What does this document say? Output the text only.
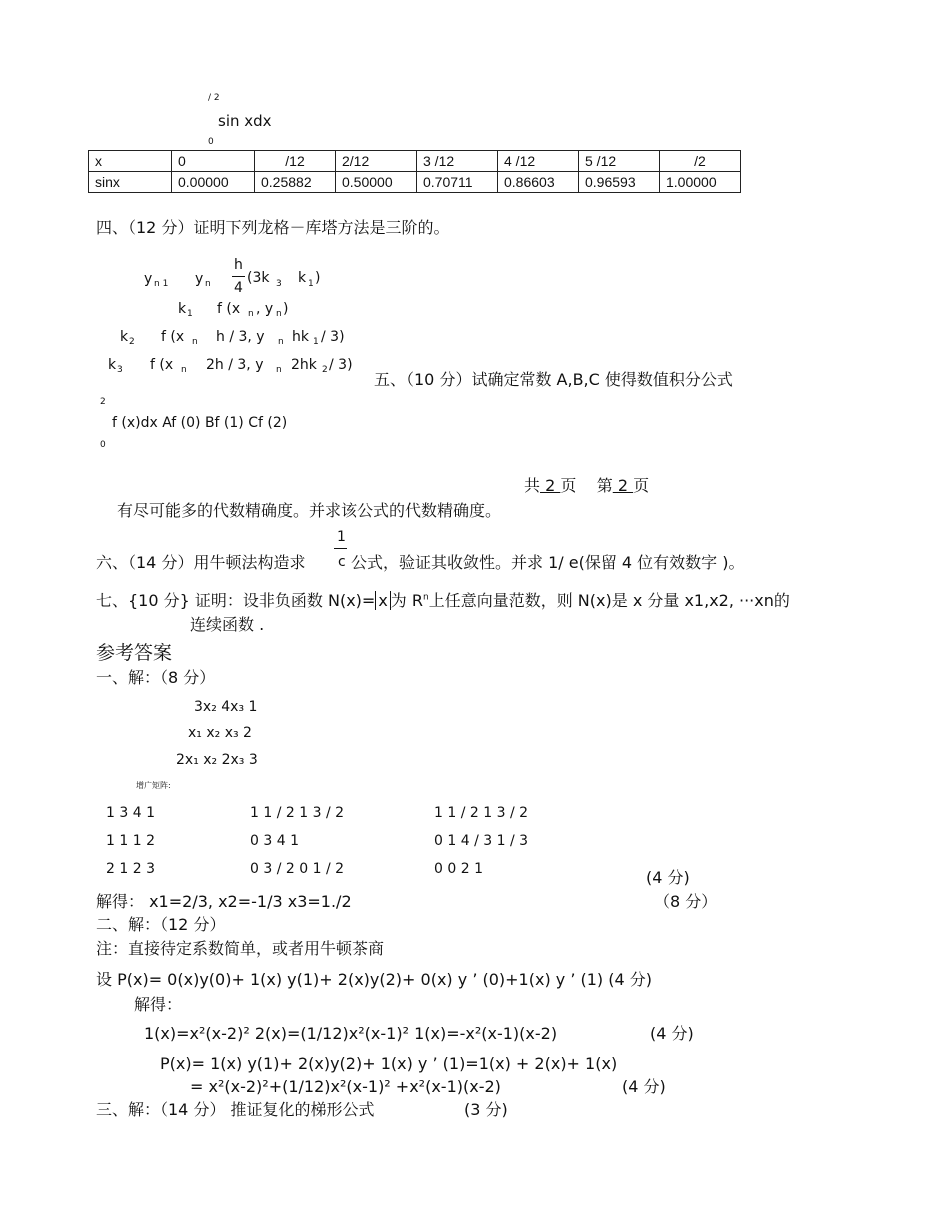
/ 2
sin xdx
0
x	0	/12	2/12	3 /12	4 /12	5 /12	/2
sinx	0.00000	0.25882	0.50000	0.70711	0.86603	0.96593	1.00000
四、（12 分）证明下列龙格－库塔方法是三阶的。
y n 1 y n
h
4
(3k 3 k 1 )
k 1 f (x n , y n )
k 2 f (x n h / 3, y n hk 1 / 3)
k 3 f (x n 2h / 3, y n 2hk 2 / 3)
五、（10 分）试确定常数 A,B,C 使得数值积分公式
2
f (x)dx Af (0) Bf (1) Cf (2)
0
共 2 页 第 2 页
有尽可能多的代数精确度。并求该公式的代数精确度。
六、（14 分）用牛顿法构造求
1
c 公式，验证其收敛性。并求 1/ e(保留 4 位有效数字 )。
七、{10 分} 证明：设非负函数 N(x)= x 为 $R^n$上任意向量范数，则 N(x)是 x 分量 x1,x2, ···xn的
连续函数 .
参考答案
一、解：（8 分）
3x₂ 4x₃ 1
x₁ x₂ x₃ 2
2x₁ x₂ 2x₃ 3
增广矩阵:
1 3 4 1
1 1 1 2
2 1 2 3
1 1 / 2 1 3 / 2
0 3 4 1
0 3 / 2 0 1 / 2
1 1 / 2 1 3 / 2
0 1 4 / 3 1 / 3
0 0 2 1	(4 分)
解得： x1=2/3, x2=-1/3 x3=1./2	（8 分）
二、解：（12 分）
注：直接待定系数简单，或者用牛顿茶商
设 P(x)= 0(x)y(0)+ 1(x) y(1)+ 2(x)y(2)+ 0(x) y ’ (0)+1(x) y ’ (1) (4 分)
解得：
1(x)=x²(x-2)² 2(x)=(1/12)x²(x-1)² 1(x)=-x²(x-1)(x-2)	(4 分)
P(x)= 1(x) y(1)+ 2(x)y(2)+ 1(x) y ’ (1)=1(x) + 2(x)+ 1(x)
= x²(x-2)²+(1/12)x²(x-1)² +x²(x-1)(x-2)	(4 分)
三、解：（14 分） 推证复化的梯形公式	(3 分)
